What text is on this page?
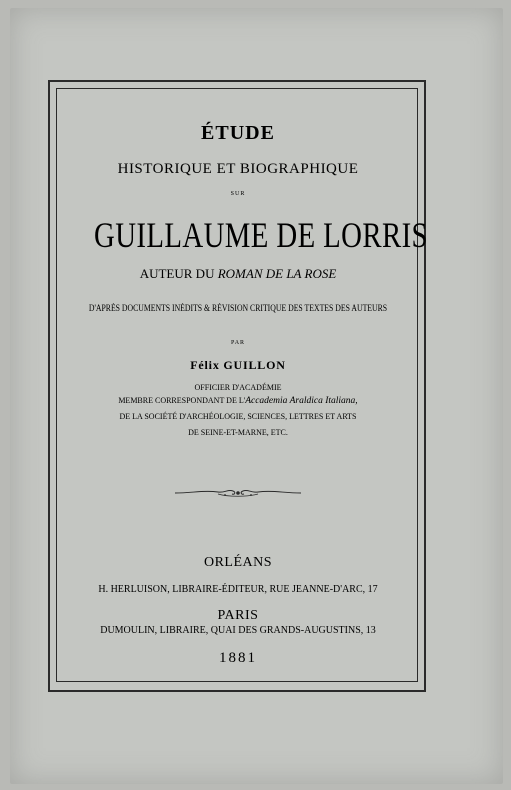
ÉTUDE
HISTORIQUE ET BIOGRAPHIQUE
SUR
GUILLAUME DE LORRIS
AUTEUR DU ROMAN DE LA ROSE
D'APRÈS DOCUMENTS INÉDITS & RÉVISION CRITIQUE DES TEXTES DES AUTEURS
PAR
Félix GUILLON
OFFICIER D'ACADÉMIE
MEMBRE CORRESPONDANT DE L'Accademia Araldica Italiana,
DE LA SOCIÉTÉ D'ARCHÉOLOGIE, SCIENCES, LETTRES ET ARTS
DE SEINE-ET-MARNE, ETC.
ORLÉANS
H. HERLUISON, LIBRAIRE-ÉDITEUR, RUE JEANNE-D'ARC, 17
PARIS
DUMOULIN, LIBRAIRE, QUAI DES GRANDS-AUGUSTINS, 13
1881
